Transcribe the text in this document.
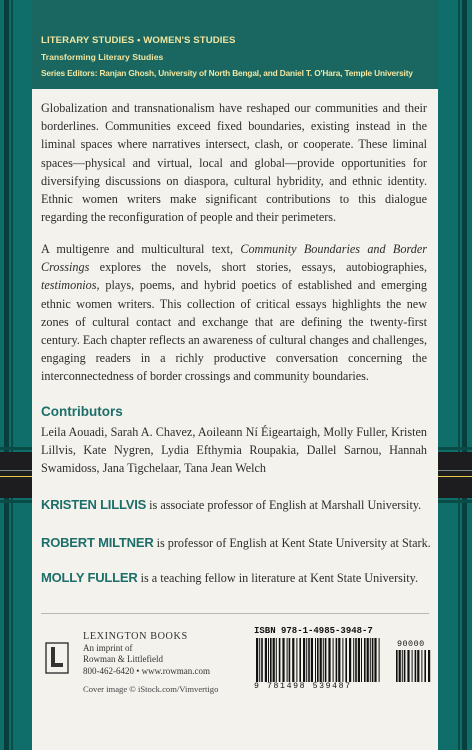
LITERARY STUDIES • WOMEN'S STUDIES
Transforming Literary Studies
Series Editors: Ranjan Ghosh, University of North Bengal, and Daniel T. O'Hara, Temple University

Globalization and transnationalism have reshaped our communities and their borderlines. Communities exceed fixed boundaries, existing instead in the liminal spaces where narratives intersect, clash, or cooperate. These liminal spaces—physical and virtual, local and global—provide opportunities for diversifying discussions on diaspora, cultural hybridity, and ethnic identity. Ethnic women writers make significant contributions to this dialogue regarding the reconfiguration of people and their perimeters.

A multigenre and multicultural text, Community Boundaries and Border Crossings explores the novels, short stories, essays, autobiographies, testimonios, plays, poems, and hybrid poetics of established and emerging ethnic women writers. This collection of critical essays highlights the new zones of cultural contact and exchange that are defining the twenty-first century. Each chapter reflects an awareness of cultural changes and challenges, engaging readers in a richly productive conversation concerning the interconnectedness of border crossings and community boundaries.

Contributors

Leila Aouadi, Sarah A. Chavez, Aoileann Ní Éigeartaigh, Molly Fuller, Kristen Lillvis, Kate Nygren, Lydia Efthymia Roupakia, Dallel Sarnou, Hannah Swamidoss, Jana Tigchelaar, Tana Jean Welch

KRISTEN LILLVIS is associate professor of English at Marshall University.
ROBERT MILTNER is professor of English at Kent State University at Stark.
MOLLY FULLER is a teaching fellow in literature at Kent State University.
LEXINGTON BOOKS
An imprint of
Rowman & Littlefield
800-462-6420 • www.rowman.com
Cover image © iStock.com/Vimvertigo
ISBN 978-1-4985-3948-7
90000
9 781498 539487
